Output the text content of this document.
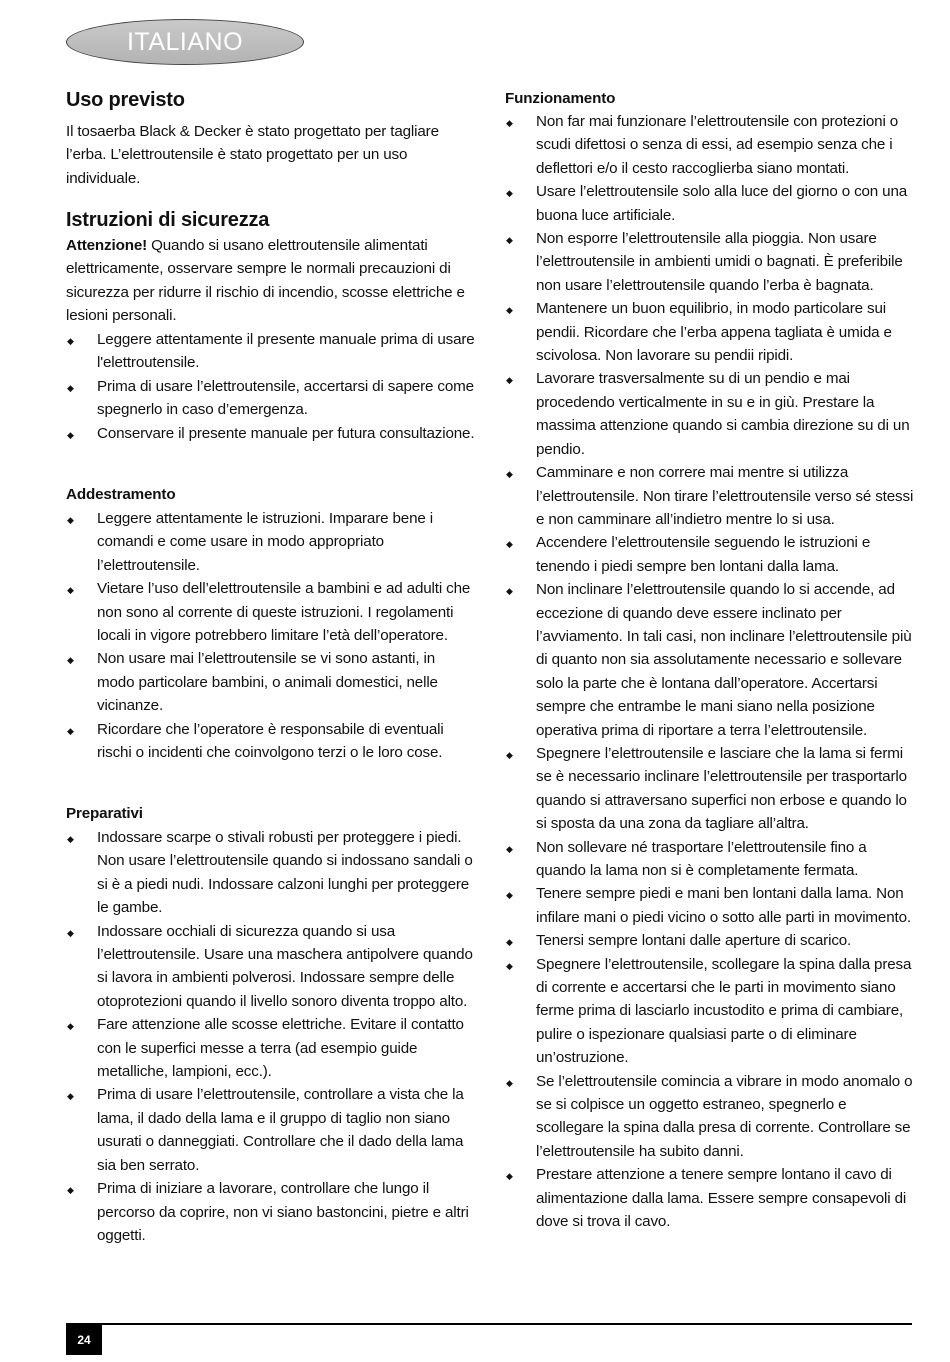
ITALIANO
Uso previsto

Il tosaerba Black & Decker è stato progettato per tagliare l’erba. L’elettroutensile è stato progettato per un uso individuale.

Istruzioni di sicurezza

Attenzione! Quando si usano elettroutensile alimentati elettricamente, osservare sempre le normali precauzioni di sicurezza per ridurre il rischio di incendio, scosse elettriche e lesioni personali.

◆ Leggere attentamente il presente manuale prima di usare l'elettroutensile.
◆ Prima di usare l’elettroutensile, accertarsi di sapere come spegnerlo in caso d’emergenza.
◆ Conservare il presente manuale per futura consultazione.
Addestramento
◆ Leggere attentamente le istruzioni. Imparare bene i comandi e come usare in modo appropriato l’elettroutensile.
◆ Vietare l’uso dell’elettroutensile a bambini e ad adulti che non sono al corrente di queste istruzioni. I regolamenti locali in vigore potrebbero limitare l’età dell’operatore.
◆ Non usare mai l’elettroutensile se vi sono astanti, in modo particolare bambini, o animali domestici, nelle vicinanze.
◆ Ricordare che l’operatore è responsabile di eventuali rischi o incidenti che coinvolgono terzi o le loro cose.
Preparativi
◆ Indossare scarpe o stivali robusti per proteggere i piedi. Non usare l’elettroutensile quando si indossano sandali o si è a piedi nudi. Indossare calzoni lunghi per proteggere le gambe.
◆ Indossare occhiali di sicurezza quando si usa l’elettroutensile. Usare una maschera antipolvere quando si lavora in ambienti polverosi. Indossare sempre delle otoprotezioni quando il livello sonoro diventa troppo alto.
◆ Fare attenzione alle scosse elettriche. Evitare il contatto con le superfici messe a terra (ad esempio guide metalliche, lampioni, ecc.).
◆ Prima di usare l’elettroutensile, controllare a vista che la lama, il dado della lama e il gruppo di taglio non siano usurati o danneggiati. Controllare che il dado della lama sia ben serrato.
◆ Prima di iniziare a lavorare, controllare che lungo il percorso da coprire, non vi siano bastoncini, pietre e altri oggetti.
Funzionamento
◆ Non far mai funzionare l’elettroutensile con protezioni o scudi difettosi o senza di essi, ad esempio senza che i deflettori e/o il cesto raccoglierba siano montati.
◆ Usare l’elettroutensile solo alla luce del giorno o con una buona luce artificiale.
◆ Non esporre l’elettroutensile alla pioggia. Non usare l’elettroutensile in ambienti umidi o bagnati. È preferibile non usare l’elettroutensile quando l’erba è bagnata.
◆ Mantenere un buon equilibrio, in modo particolare sui pendii. Ricordare che l’erba appena tagliata è umida e scivolosa. Non lavorare su pendii ripidi.
◆ Lavorare trasversalmente su di un pendio e mai procedendo verticalmente in su e in giù. Prestare la massima attenzione quando si cambia direzione su di un pendio.
◆ Camminare e non correre mai mentre si utilizza l’elettroutensile. Non tirare l’elettroutensile verso sé stessi e non camminare all’indietro mentre lo si usa.
◆ Accendere l’elettroutensile seguendo le istruzioni e tenendo i piedi sempre ben lontani dalla lama.
◆ Non inclinare l’elettroutensile quando lo si accende, ad eccezione di quando deve essere inclinato per l’avviamento. In tali casi, non inclinare l’elettroutensile più di quanto non sia assolutamente necessario e sollevare solo la parte che è lontana dall’operatore. Accertarsi sempre che entrambe le mani siano nella posizione operativa prima di riportare a terra l’elettroutensile.
◆ Spegnere l’elettroutensile e lasciare che la lama si fermi se è necessario inclinare l’elettroutensile per trasportarlo quando si attraversano superfici non erbose e quando lo si sposta da una zona da tagliare all’altra.
◆ Non sollevare né trasportare l’elettroutensile fino a quando la lama non si è completamente fermata.
◆ Tenere sempre piedi e mani ben lontani dalla lama. Non infilare mani o piedi vicino o sotto alle parti in movimento.
◆ Tenersi sempre lontani dalle aperture di scarico.
◆ Spegnere l’elettroutensile, scollegare la spina dalla presa di corrente e accertarsi che le parti in movimento siano ferme prima di lasciarlo incustodito e prima di cambiare, pulire o ispezionare qualsiasi parte o di eliminare un’ostruzione.
◆ Se l’elettroutensile comincia a vibrare in modo anomalo o se si colpisce un oggetto estraneo, spegnerlo e scollegare la spina dalla presa di corrente. Controllare se l’elettroutensile ha subito danni.
◆ Prestare attenzione a tenere sempre lontano il cavo di alimentazione dalla lama. Essere sempre consapevoli di dove si trova il cavo.
24
